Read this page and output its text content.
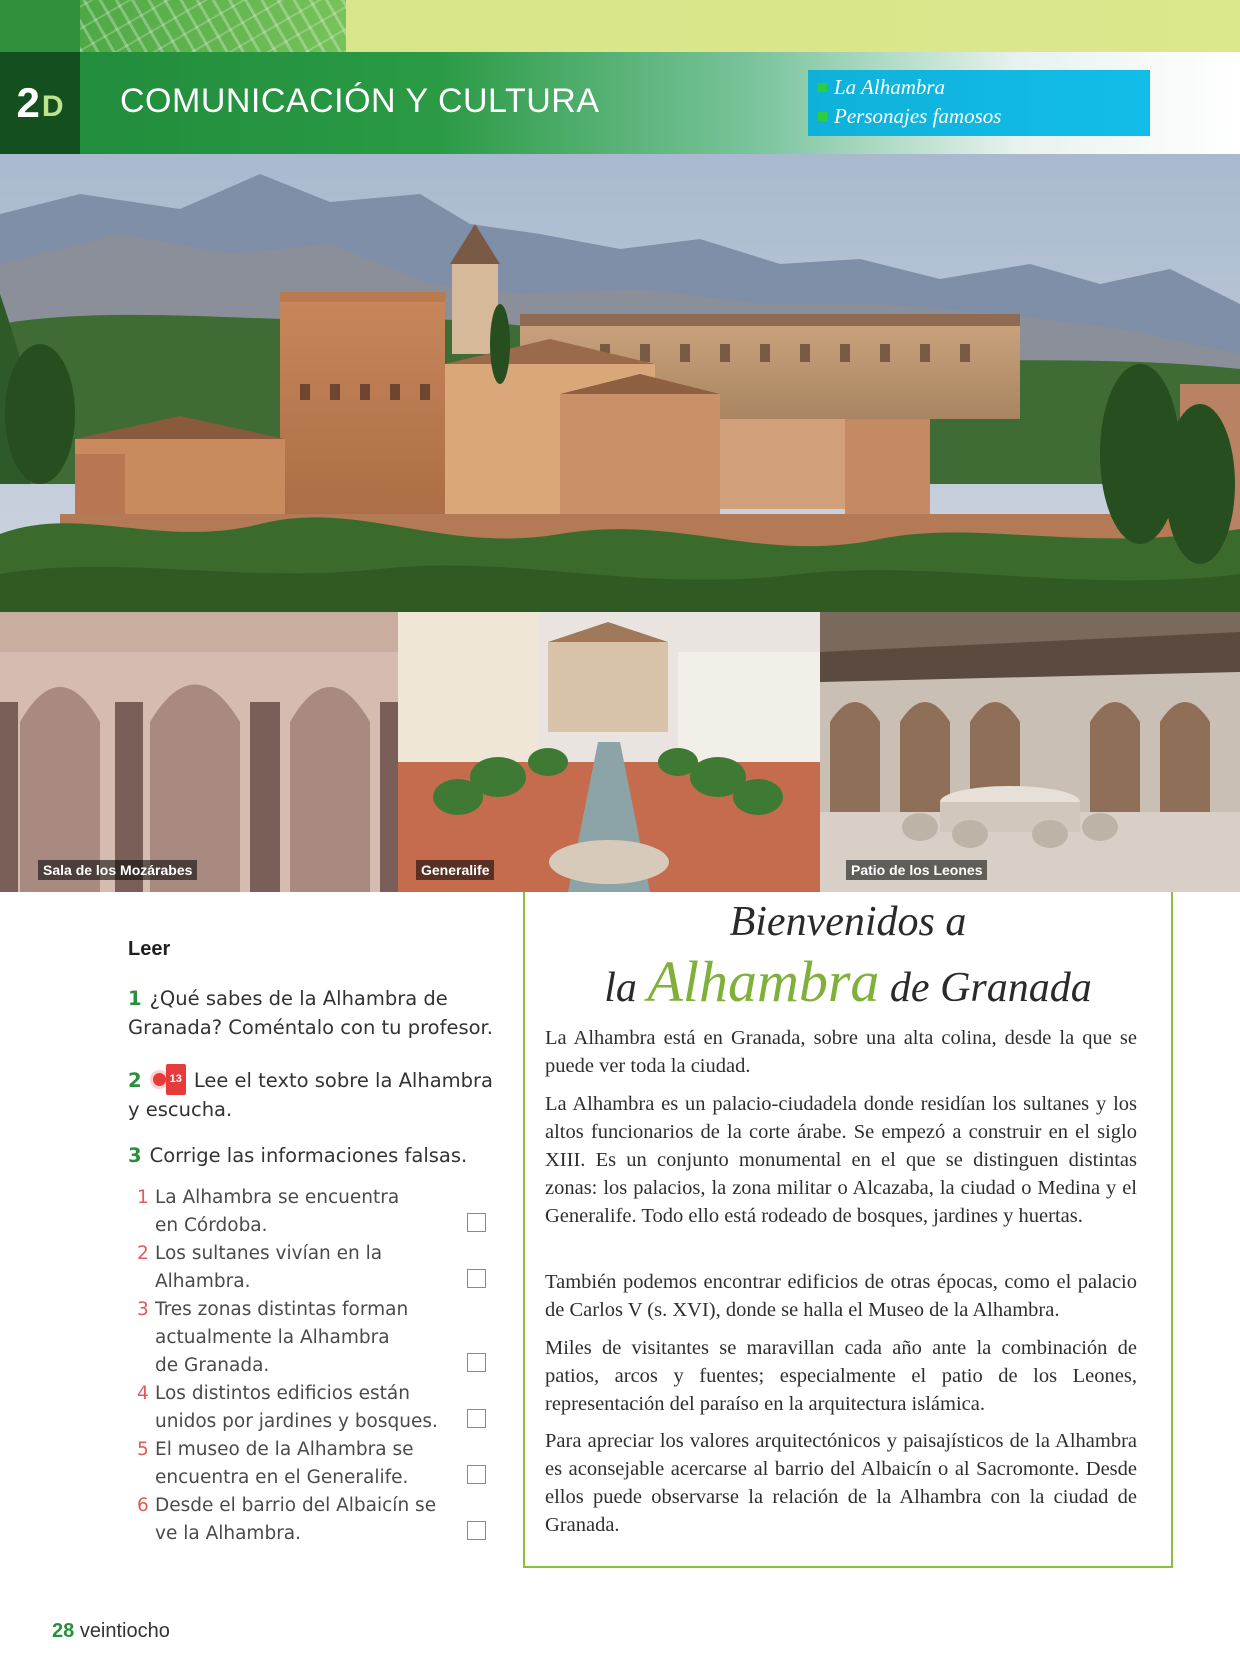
2 D COMUNICACIÓN Y CULTURA	La Alhambra
Personajes famosos
Sala de los Mozárabes	Generalife	Patio de los Leones
Leer
1 ¿Qué sabes de la Alhambra de Granada? Coméntalo con tu profesor.
2	13 Lee el texto sobre la Alhambra y escucha.
3 Corrige las informaciones falsas.
1 La Alhambra se encuentra
en Córdoba.
2 Los sultanes vivían en la
Alhambra.
3 Tres zonas distintas forman
actualmente la Alhambra
de Granada.
4 Los distintos edificios están
unidos por jardines y bosques.
5 El museo de la Alhambra se
encuentra en el Generalife.
6 Desde el barrio del Albaicín se
ve la Alhambra.
28 veintiocho
Bienvenidos a
la Alhambra de Granada
La Alhambra está en Granada, sobre una alta colina, desde la que se puede ver toda la ciudad.
La Alhambra es un palacio-ciudadela donde residían los sultanes y los altos funcionarios de la corte árabe. Se empezó a construir en el siglo XIII. Es un conjunto monumental en el que se distinguen distintas zonas: los palacios, la zona militar o Alcazaba, la ciudad o Medina y el Generalife. Todo ello está rodeado de bosques, jardines y huertas.
También podemos encontrar edificios de otras épocas, como el palacio de Carlos V (s. XVI), donde se halla el Museo de la Alhambra.
Miles de visitantes se maravillan cada año ante la combinación de patios, arcos y fuentes; especialmente el patio de los Leones, representación del paraíso en la arquitectura islámica.
Para apreciar los valores arquitectónicos y paisajísticos de la Alhambra es aconsejable acercarse al barrio del Albaicín o al Sacromonte. Desde ellos puede observarse la relación de la Alhambra con la ciudad de Granada.
